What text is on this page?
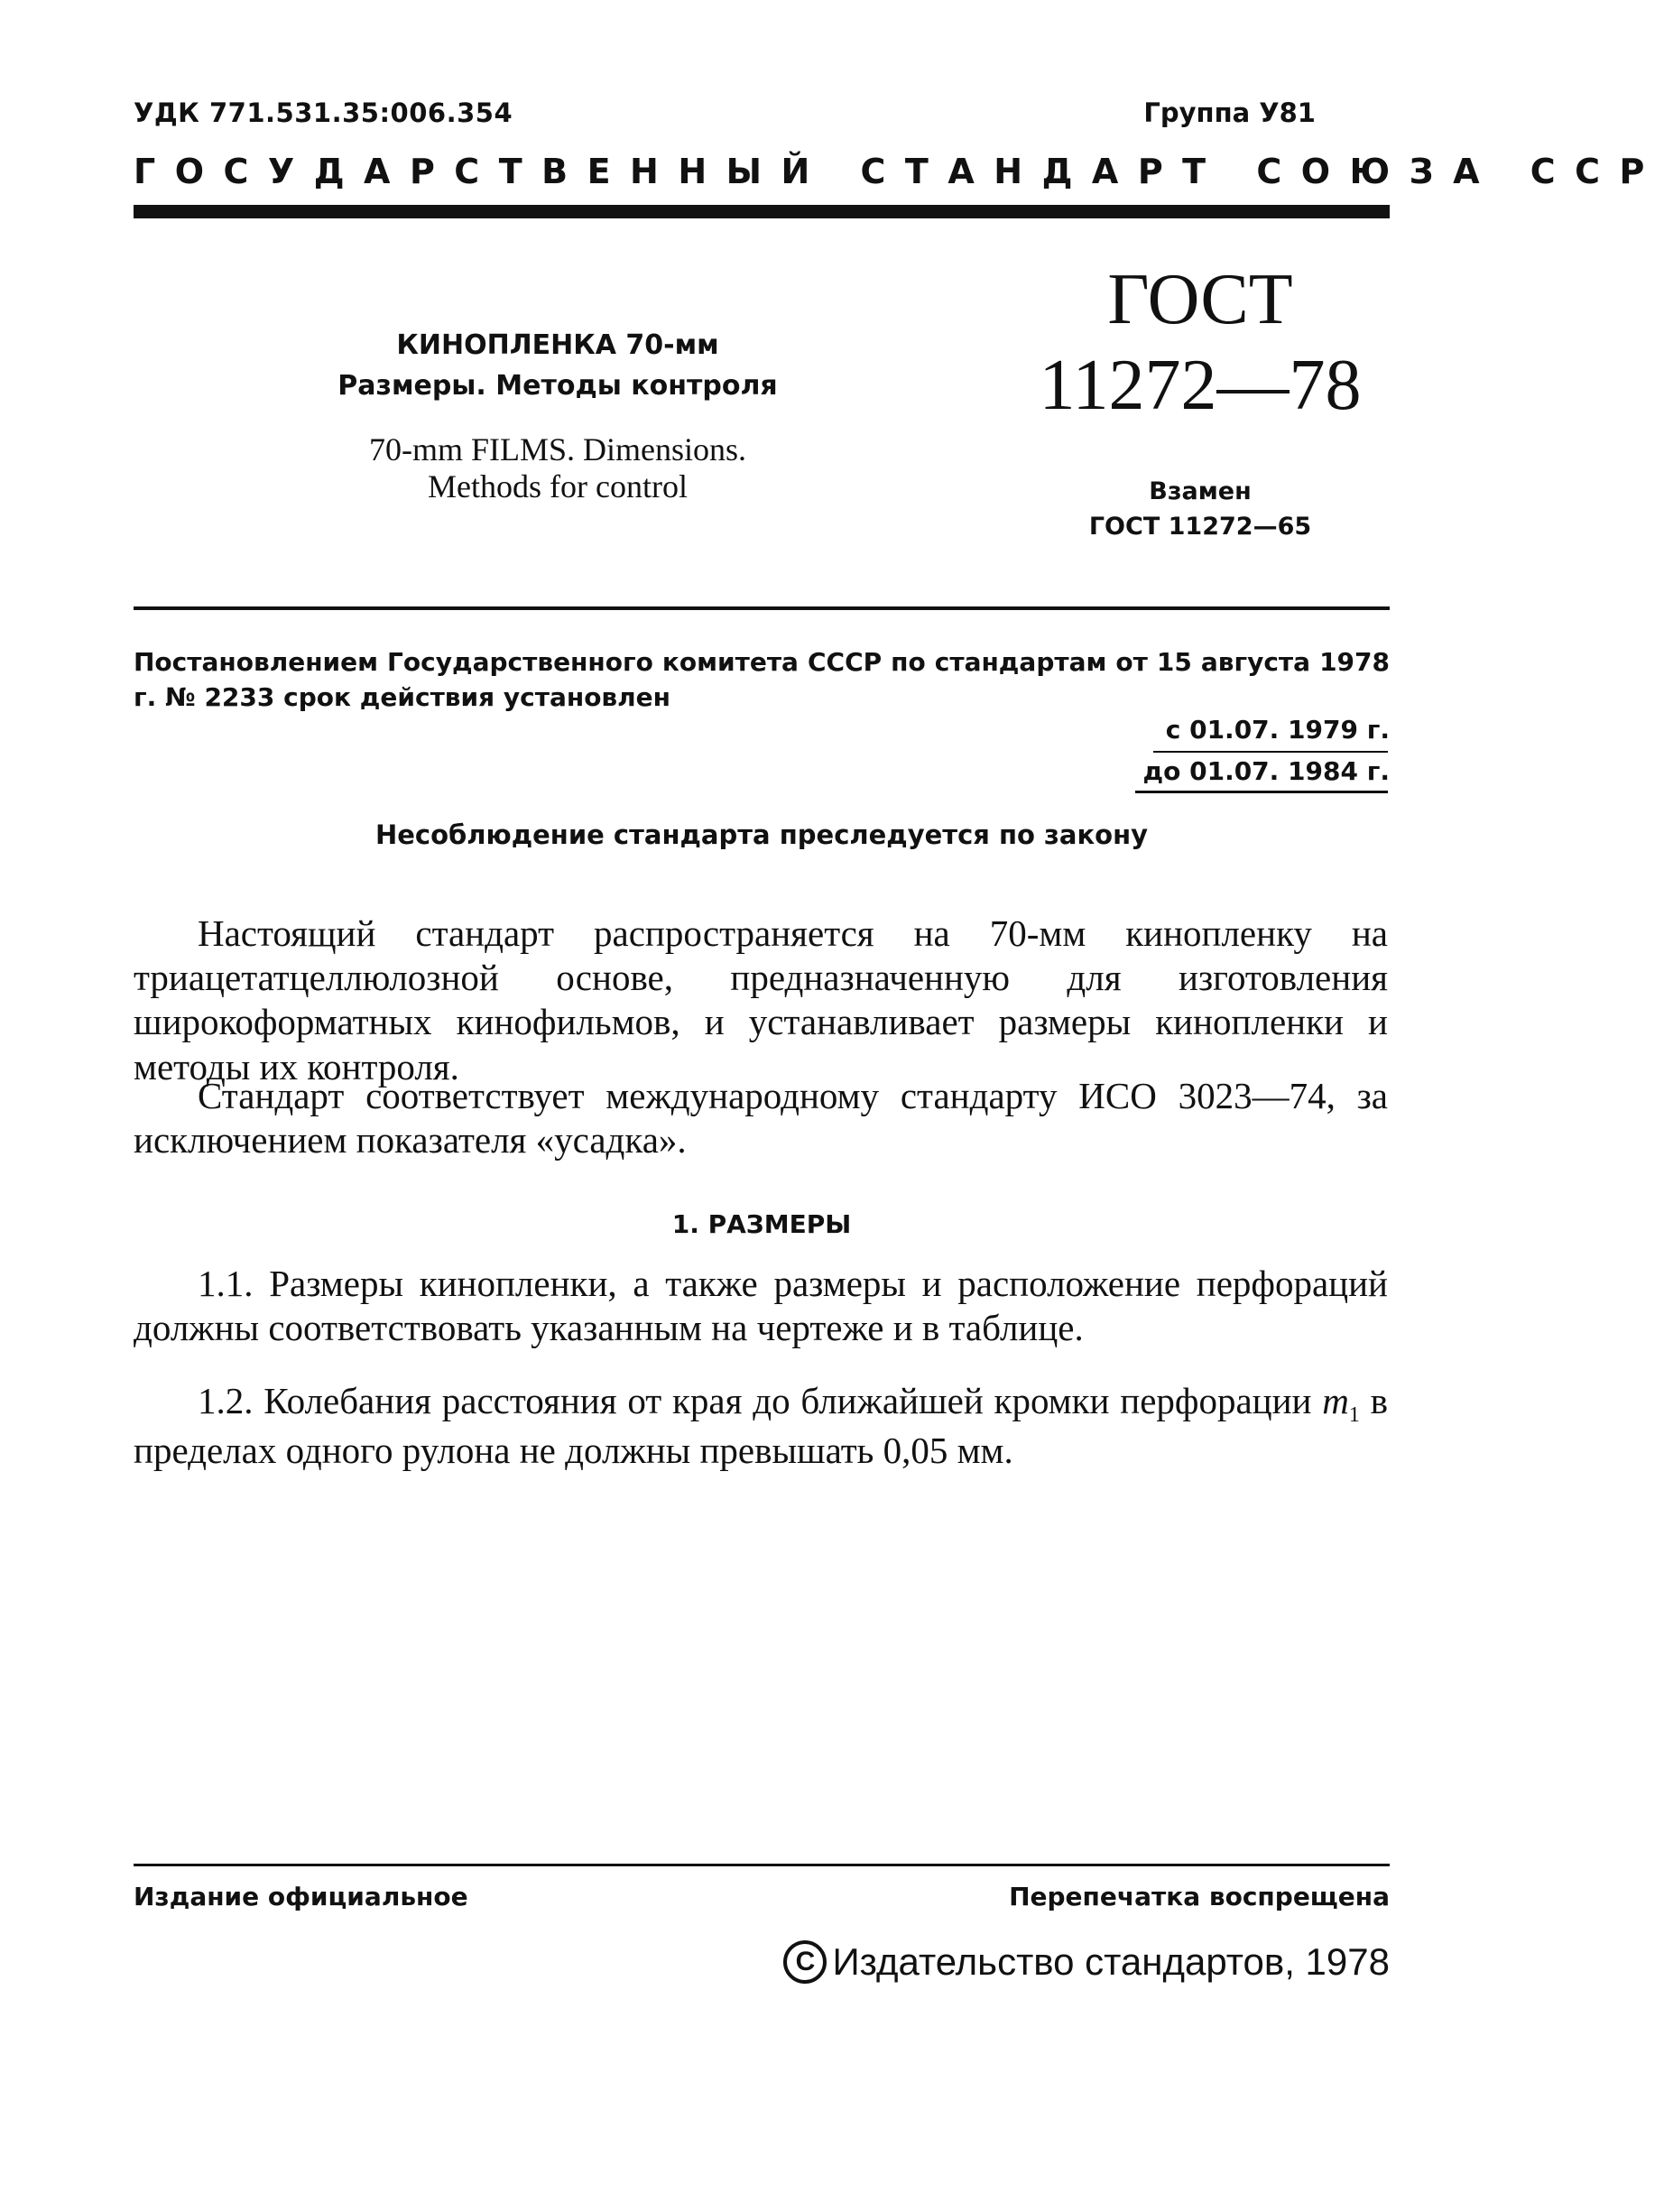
УДК 771.531.35:006.354	Группа У81
ГОСУДАРСТВЕННЫЙ СТАНДАРТ СОЮЗА ССР
КИНОПЛЕНКА 70-мм
Размеры. Методы контроля
70-mm FILMS. Dimensions.
Methods for control
ГОСТ
11272—78
Взамен
ГОСТ 11272—65
Постановлением Государственного комитета СССР по стандартам от 15 августа 1978 г. № 2233 срок действия установлен
с 01.07. 1979 г.
до 01.07. 1984 г.
Несоблюдение стандарта преследуется по закону
Настоящий стандарт распространяется на 70-мм кинопленку на триацетатцеллюлозной основе, предназначенную для изготовления широкоформатных кинофильмов, и устанавливает размеры кинопленки и методы их контроля.
Стандарт соответствует международному стандарту ИСО 3023—74, за исключением показателя «усадка».
1. РАЗМЕРЫ
1.1. Размеры кинопленки, а также размеры и расположение перфораций должны соответствовать указанным на чертеже и в таблице.
1.2. Колебания расстояния от края до ближайшей кромки перфорации $m_1$ в пределах одного рулона не должны превышать 0,05 мм.
Издание официальное	Перепечатка воспрещена
С Издательство стандартов, 1978
